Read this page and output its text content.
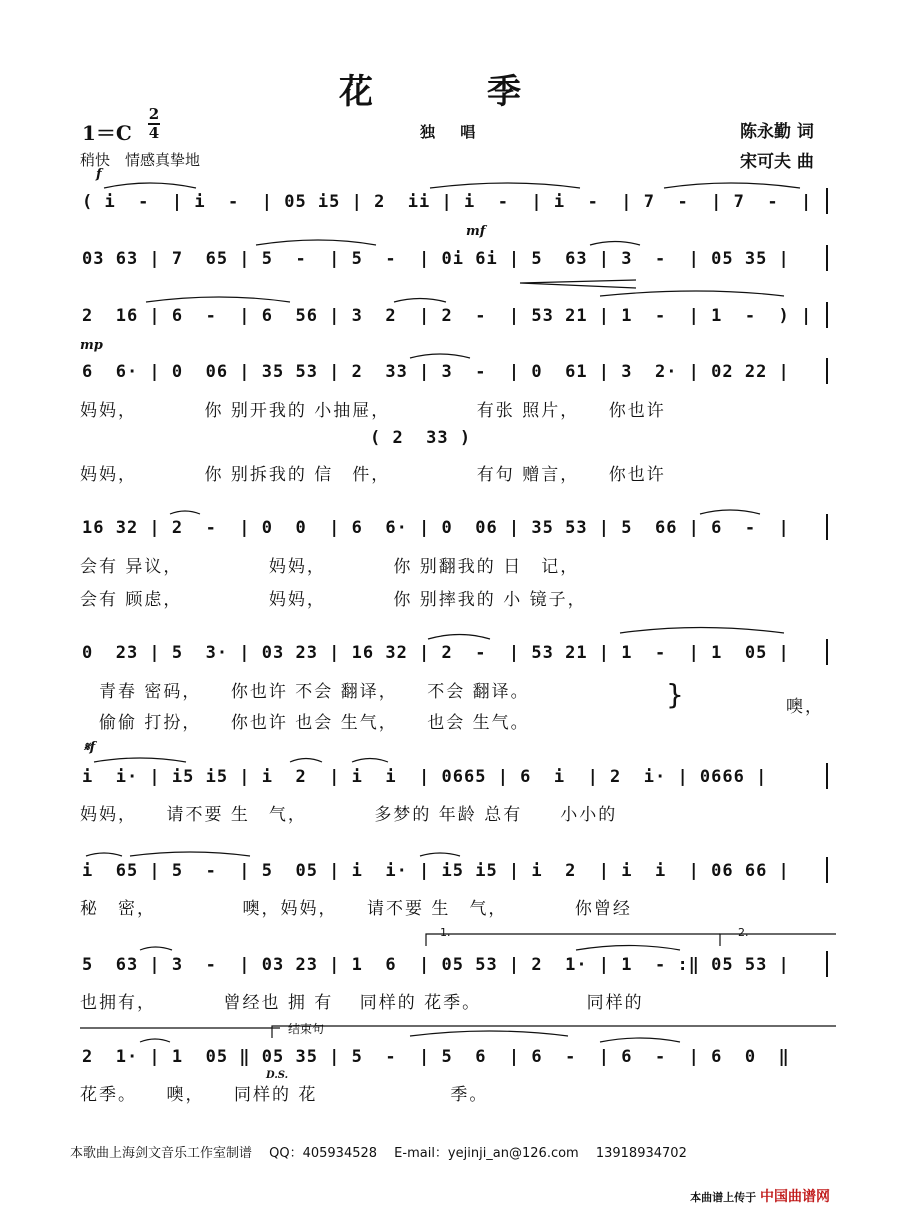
花　季
1＝C
2
4	独 唱	陈永勤 词
宋可夫 曲
稍快　情感真挚地
f
mf
mp
𝄋f
D.S.
1.	2.
结束句
( i  -  | i  -  | 05 i5 | 2  ii | i  -  | i  -  | 7  -  | 7  -  |
03 63 | 7  65 | 5  -  | 5  -  | 0i 6i | 5  63 | 3  -  | 05 35 |
2  16 | 6  -  | 6  56 | 3  2  | 2  -  | 53 21 | 1  -  | 1  -  ) |
6  6· | 0  06 | 35 53 | 2  33 | 3  -  | 0  61 | 3  2· | 02 22 |
( 2  33 )
16 32 | 2  -  | 0  0  | 6  6· | 0  06 | 35 53 | 5  66 | 6  -  |
0  23 | 5  3· | 03 23 | 16 32 | 2  -  | 53 21 | 1  -  | 1  05 |
i  i· | i5 i5 | i  2  | i  i  | 0665 | 6  i  | 2  i· | 0666 |
i  65 | 5  -  | 5  05 | i  i· | i5 i5 | i  2  | i  i  | 06 66 |
5  63 | 3  -  | 03 23 | 1  6  | 05 53 | 2  1· | 1  - :‖ 05 53 |
2  1· | 1  05 ‖ 05 35 | 5  -  | 5  6  | 6  -  | 6  -  | 6  0  ‖
妈妈，　　　　你 别开我的 小抽屉，　　　　　有张 照片，　　你也许
妈妈，　　　　你 别拆我的 信　件，　　　　　有句 赠言，　　你也许
会有 异议，　　　　　妈妈，　　　　你 别翻我的 日　记，
会有 顾虑，　　　　　妈妈，　　　　你 别摔我的 小 镜子，
　青春 密码，　　你也许 不会 翻译，　　不会 翻译。
　偷偷 打扮，　　你也许 也会 生气，　　也会 生气。
}	噢，
妈妈，　　请不要 生　气，　　　　多梦的 年龄 总有　　小小的
秘　密，　　　　　噢，妈妈，　　请不要 生　气，　　　　你曾经
也拥有，　　　　曾经也 拥 有　 同样的 花季。　　　　　　同样的
花季。　　噢，　　同样的 花　　　　　　　季。
本歌曲上海剑文音乐工作室制谱　 QQ：405934528　 E-mail：yejinji_an@126.com　 13918934702
本曲谱上传于 中国曲谱网
